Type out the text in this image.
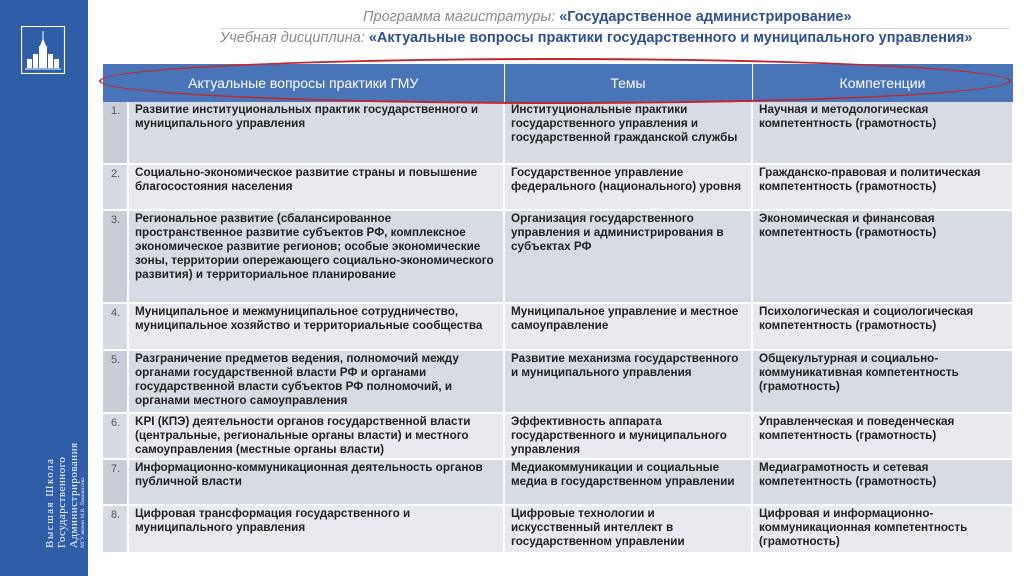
Высшая Школа Государственного Администрирования МГУ имени М.В. Ломоносова
Программа магистратуры: «Государственное администрирование»
Учебная дисциплина: «Актуальные вопросы практики государственного и муниципального управления»
Актуальные вопросы практики ГМУ		Темы	Компетенции
1.	Развитие институциональных практик государственного и муниципального управления	Институциональные практики государственного управления и государственной гражданской службы	Научная и методологическая компетентность (грамотность)
2.	Социально-экономическое развитие страны и повышение благосостояния населения	Государственное управление федерального (национального) уровня	Гражданско-правовая и политическая компетентность (грамотность)
3.	Региональное развитие (сбалансированное пространственное развитие субъектов РФ, комплексное экономическое развитие регионов; особые экономические зоны, территории опережающего социально-экономического развития) и территориальное планирование	Организация государственного управления и администрирования в субъектах РФ	Экономическая и финансовая компетентность (грамотность)
4.	Муниципальное и межмуниципальное сотрудничество, муниципальное хозяйство и территориальные сообщества	Муниципальное управление и местное самоуправление	Психологическая и социологическая компетентность (грамотность)
5.	Разграничение предметов ведения, полномочий между органами государственной власти РФ и органами государственной власти субъектов РФ полномочий, и органами местного самоуправления	Развитие механизма государственного и муниципального управления	Общекультурная и социально-коммуникативная компетентность (грамотность)
6.	KPI (КПЭ) деятельности органов государственной власти (центральные, региональные органы власти) и местного самоуправления (местные органы власти)	Эффективность аппарата государственного и муниципального управления	Управленческая и поведенческая компетентность (грамотность)
7.	Информационно-коммуникационная деятельность органов публичной власти	Медиакоммуникации и социальные медиа в государственном управлении	Медиаграмотность и сетевая компетентность (грамотность)
8.	Цифровая трансформация государственного и муниципального управления	Цифровые технологии и искусственный интеллект в государственном управлении	Цифровая и информационно-коммуникационная компетентность (грамотность)
